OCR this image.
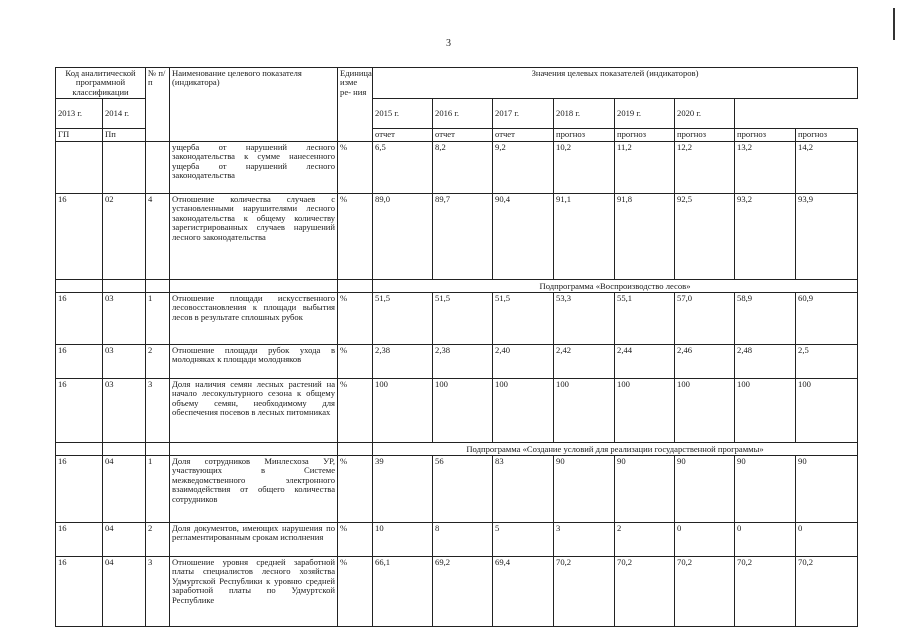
3
Код аналитической программной классификации		№ п/п	Наименование целевого показателя (индикатора)	Единица изме ре- ния	Значения целевых показателей (индикаторов)							
2013 г.	2014 г.				2015 г.	2016 г.	2017 г.	2018 г.	2019 г.	2020 г.		
ГП	Пп				отчет	отчет	отчет	прогноз	прогноз	прогноз	прогноз	прогноз
			ущерба от нарушений лесного законодательства к сумме нанесенного ущерба от нарушений лесного законодательства	%	6,5	8,2	9,2	10,2	11,2	12,2	13,2	14,2
16	02	4	Отношение количества случаев с установленными нарушителями лесного законодательства к общему количеству зарегистрированных случаев нарушений лесного законодательства	%	89,0	89,7	90,4	91,1	91,8	92,5	93,2	93,9
					Подпрограмма «Воспроизводство лесов»							
16	03	1	Отношение площади искусственного лесовосстановления к площади выбытия лесов в результате сплошных рубок	%	51,5	51,5	51,5	53,3	55,1	57,0	58,9	60,9
16	03	2	Отношение площади рубок ухода в молодняках к площади молодняков	%	2,38	2,38	2,40	2,42	2,44	2,46	2,48	2,5
16	03	3	Доля наличия семян лесных растений на начало лесокультурного сезона к общему объему семян, необходимому для обеспечения посевов в лесных питомниках	%	100	100	100	100	100	100	100	100
					Подпрограмма «Создание условий для реализации государственной программы»							
16	04	1	Доля сотрудников Минлесхоза УР, участвующих в Системе межведомственного электронного взаимодействия от общего количества сотрудников	%	39	56	83	90	90	90	90	90
16	04	2	Доля документов, имеющих нарушения по регламентированным срокам исполнения	%	10	8	5	3	2	0	0	0
16	04	3	Отношение уровня средней заработной платы специалистов лесного хозяйства Удмуртской Республики к уровню средней заработной платы по Удмуртской Республике	%	66,1	69,2	69,4	70,2	70,2	70,2	70,2	70,2
